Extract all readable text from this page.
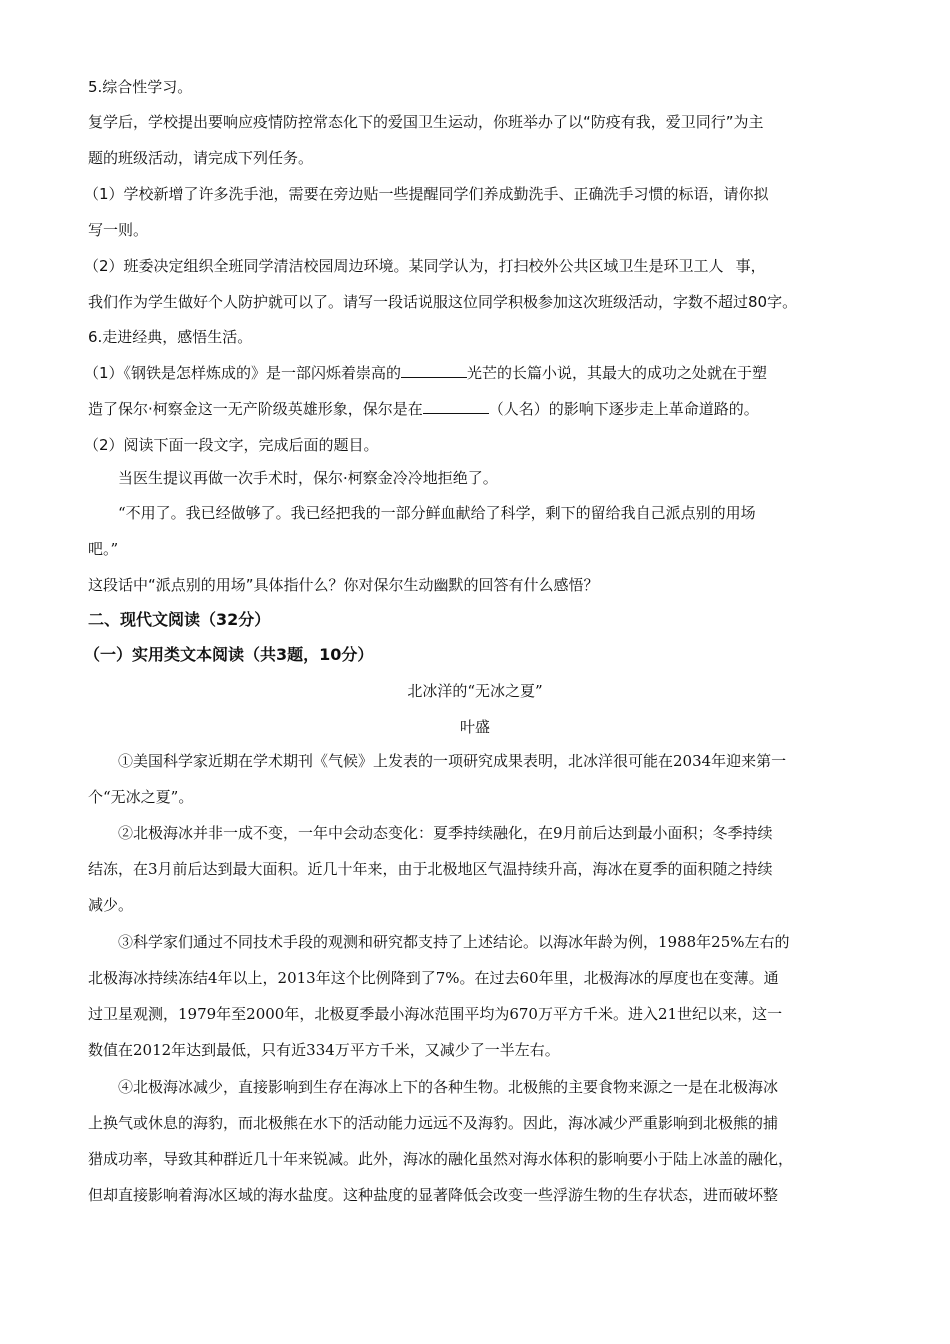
5.综合性学习。
复学后，学校提出要响应疫情防控常态化下的爱国卫生运动，你班举办了以“防疫有我，爱卫同行”为主
题的班级活动，请完成下列任务。
（1）学校新增了许多洗手池，需要在旁边贴一些提醒同学们养成勤洗手、正确洗手习惯的标语，请你拟
写一则。
（2）班委决定组织全班同学清洁校园周边环境。某同学认为，打扫校外公共区域卫生是环卫工人 事，
我们作为学生做好个人防护就可以了。请写一段话说服这位同学积极参加这次班级活动，字数不超过80字。
6.走进经典，感悟生活。
（1）《钢铁是怎样炼成的》是一部闪烁着崇高的	光芒的长篇小说，其最大的成功之处就在于塑
造了保尔·柯察金这一无产阶级英雄形象，保尔是在	（人名）的影响下逐步走上革命道路的。
（2）阅读下面一段文字，完成后面的题目。
当医生提议再做一次手术时，保尔·柯察金冷冷地拒绝了。
“不用了。我已经做够了。我已经把我的一部分鲜血献给了科学，剩下的留给我自己派点别的用场
吧。”
这段话中“派点别的用场”具体指什么？你对保尔生动幽默的回答有什么感悟？
二、现代文阅读（32分）
（一）实用类文本阅读（共3题，10分）
北冰洋的“无冰之夏”
叶盛
①美国科学家近期在学术期刊《气候》上发表的一项研究成果表明，北冰洋很可能在2034年迎来第一
个“无冰之夏”。
②北极海冰并非一成不变，一年中会动态变化：夏季持续融化，在9月前后达到最小面积；冬季持续
结冻，在3月前后达到最大面积。近几十年来，由于北极地区气温持续升高，海冰在夏季的面积随之持续
减少。
③科学家们通过不同技术手段的观测和研究都支持了上述结论。以海冰年龄为例，1988年25%左右的
北极海冰持续冻结4年以上，2013年这个比例降到了7%。在过去60年里，北极海冰的厚度也在变薄。通
过卫星观测，1979年至2000年，北极夏季最小海冰范围平均为670万平方千米。进入21世纪以来，这一
数值在2012年达到最低，只有近334万平方千米，又减少了一半左右。
④北极海冰减少，直接影响到生存在海冰上下的各种生物。北极熊的主要食物来源之一是在北极海冰
上换气或休息的海豹，而北极熊在水下的活动能力远远不及海豹。因此，海冰减少严重影响到北极熊的捕
猎成功率，导致其种群近几十年来锐减。此外，海冰的融化虽然对海水体积的影响要小于陆上冰盖的融化，
但却直接影响着海冰区域的海水盐度。这种盐度的显著降低会改变一些浮游生物的生存状态，进而破坏整
